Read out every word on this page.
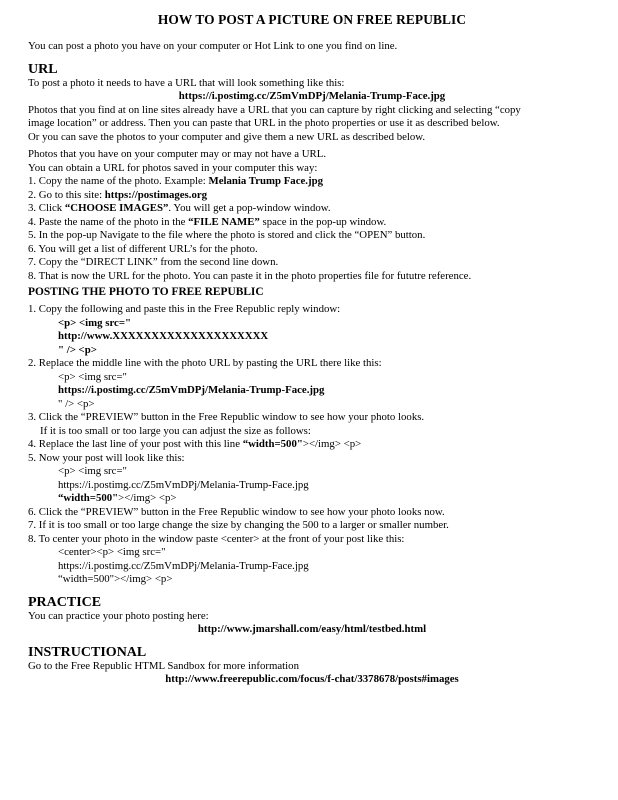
HOW TO POST A PICTURE ON FREE REPUBLIC
You can post a photo you have on your computer or Hot Link to one you find on line.
URL
To post a photo it needs to have a URL that will look something like this:
https://i.postimg.cc/Z5mVmDPj/Melania-Trump-Face.jpg
Photos that you find at on line sites already have a URL that you can capture by right clicking and selecting “copy
image location” or address. Then you can paste that URL in the photo properties or use it as described below.
Or you can save the photos to your computer and give them a new URL as described below.
Photos that you have on your computer may or may not have a URL.
You can obtain a URL for photos saved in your computer this way:
1. Copy the name of the photo. Example: Melania Trump Face.jpg
2. Go to this site: https://postimages.org
3. Click “CHOOSE IMAGES”. You will get a pop-window window.
4. Paste the name of the photo in the “FILE NAME” space in the pop-up window.
5. In the pop-up Navigate to the file where the photo is stored and click the “OPEN” button.
6. You will get a list of different URL’s for the photo.
7. Copy the “DIRECT LINK” from the second line down.
8. That is now the URL for the photo. You can paste it in the photo properties file for fututre reference.
POSTING THE PHOTO TO FREE REPUBLIC
1. Copy the following and paste this in the Free Republic reply window:
<p> <img src="
http://www.XXXXXXXXXXXXXXXXXXXX
" /> <p>
2. Replace the middle line with the photo URL by pasting the URL there like this:
<p> <img src="
https://i.postimg.cc/Z5mVmDPj/Melania-Trump-Face.jpg
" /> <p>
3. Click the “PREVIEW” button in the Free Republic window to see how your photo looks.
If it is too small or too large you can adjust the size as follows:
4. Replace the last line of your post with this line “width=500"></img> <p>
5. Now your post will look like this:
<p> <img src="
https://i.postimg.cc/Z5mVmDPj/Melania-Trump-Face.jpg
“width=500"></img> <p>
6. Click the “PREVIEW” button in the Free Republic window to see how your photo looks now.
7. If it is too small or too large change the size by changing the 500 to a larger or smaller number.
8. To center your photo in the window paste <center> at the front of your post like this:
<center><p> <img src="
https://i.postimg.cc/Z5mVmDPj/Melania-Trump-Face.jpg
“width=500"></img> <p>
PRACTICE
You can practice your photo posting here:
http://www.jmarshall.com/easy/html/testbed.html
INSTRUCTIONAL
Go to the Free Republic HTML Sandbox for more information
http://www.freerepublic.com/focus/f-chat/3378678/posts#images
